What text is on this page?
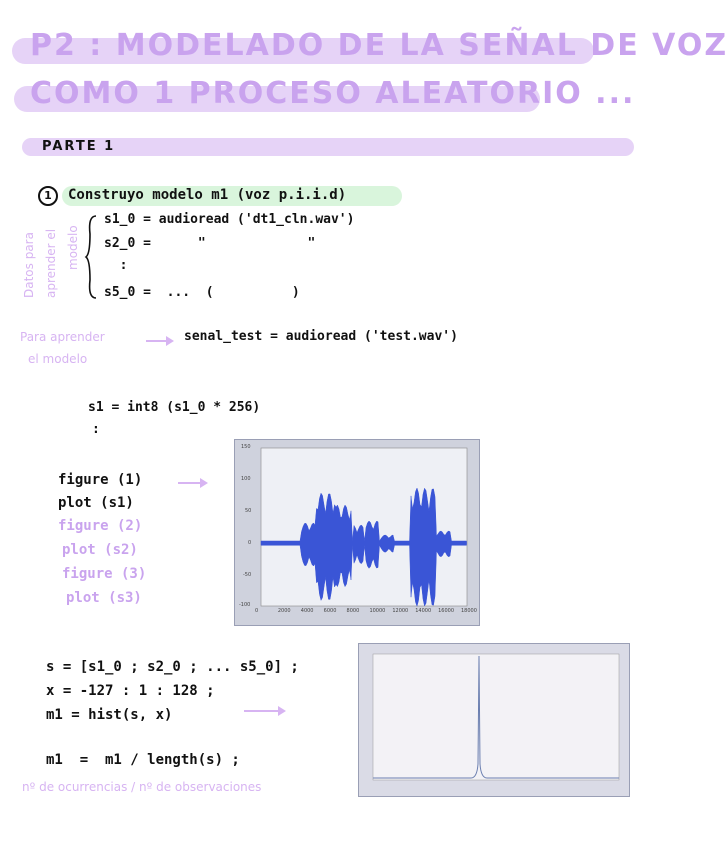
P2 : MODELADO DE LA SEÑAL DE VOZ
COMO 1 PROCESO ALEATORIO ...
PARTE 1
1	Construyo modelo m1 (voz p.i.i.d)
Datos para aprender el modelo
s1_0 = audioread ('dt1_cln.wav')
s2_0 =      "             "
:
s5_0 =  ...  (          )
Para aprender
el modelo
senal_test = audioread ('test.wav')
s1 = int8 (s1_0 * 256)
:
figure (1)
plot (s1)
figure (2)
plot (s2)
figure (3)
plot (s3)
150
100
50
0
-50
-100
0	2000 4000 6000 8000 10000 12000 14000 16000 18000
s = [s1_0 ; s2_0 ; ... s5_0] ;
x = -127 : 1 : 128 ;
m1 = hist(s, x)
m1  =  m1 / length(s) ;
nº de ocurrencias / nº de observaciones
